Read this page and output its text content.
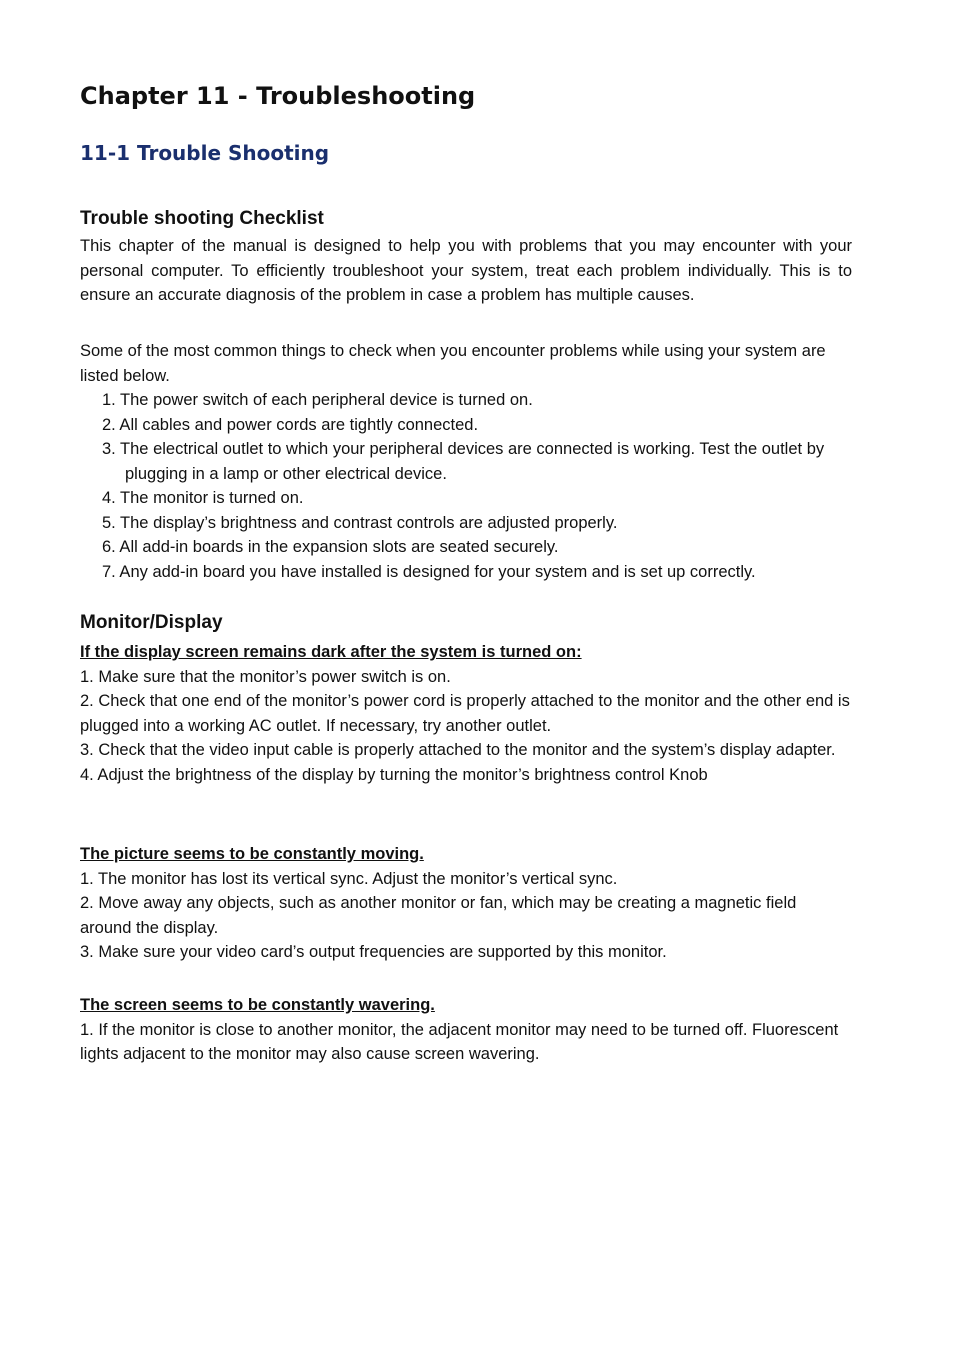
Chapter 11 - Troubleshooting
11-1 Trouble Shooting
Trouble shooting Checklist

This chapter of the manual is designed to help you with problems that you may encounter with your personal computer. To efficiently troubleshoot your system, treat each problem individually. This is to ensure an accurate diagnosis of the problem in case a problem has multiple causes.

Some of the most common things to check when you encounter problems while using your system are listed below.

1. The power switch of each peripheral device is turned on.
2. All cables and power cords are tightly connected.
3. The electrical outlet to which your peripheral devices are connected is working. Test the outlet by plugging in a lamp or other electrical device.
4. The monitor is turned on.
5. The display’s brightness and contrast controls are adjusted properly.
6. All add-in boards in the expansion slots are seated securely.
7. Any add-in board you have installed is designed for your system and is set up correctly.
Monitor/Display

If the display screen remains dark after the system is turned on:

1. Make sure that the monitor’s power switch is on.

2. Check that one end of the monitor’s power cord is properly attached to the monitor and the other end is plugged into a working AC outlet. If necessary, try another outlet.

3. Check that the video input cable is properly attached to the monitor and the system’s display adapter.

4. Adjust the brightness of the display by turning the monitor’s brightness control Knob

The picture seems to be constantly moving.

1. The monitor has lost its vertical sync. Adjust the monitor’s vertical sync.

2. Move away any objects, such as another monitor or fan, which may be creating a magnetic field around the display.

3. Make sure your video card’s output frequencies are supported by this monitor.

The screen seems to be constantly wavering.

1. If the monitor is close to another monitor, the adjacent monitor may need to be turned off. Fluorescent lights adjacent to the monitor may also cause screen wavering.
